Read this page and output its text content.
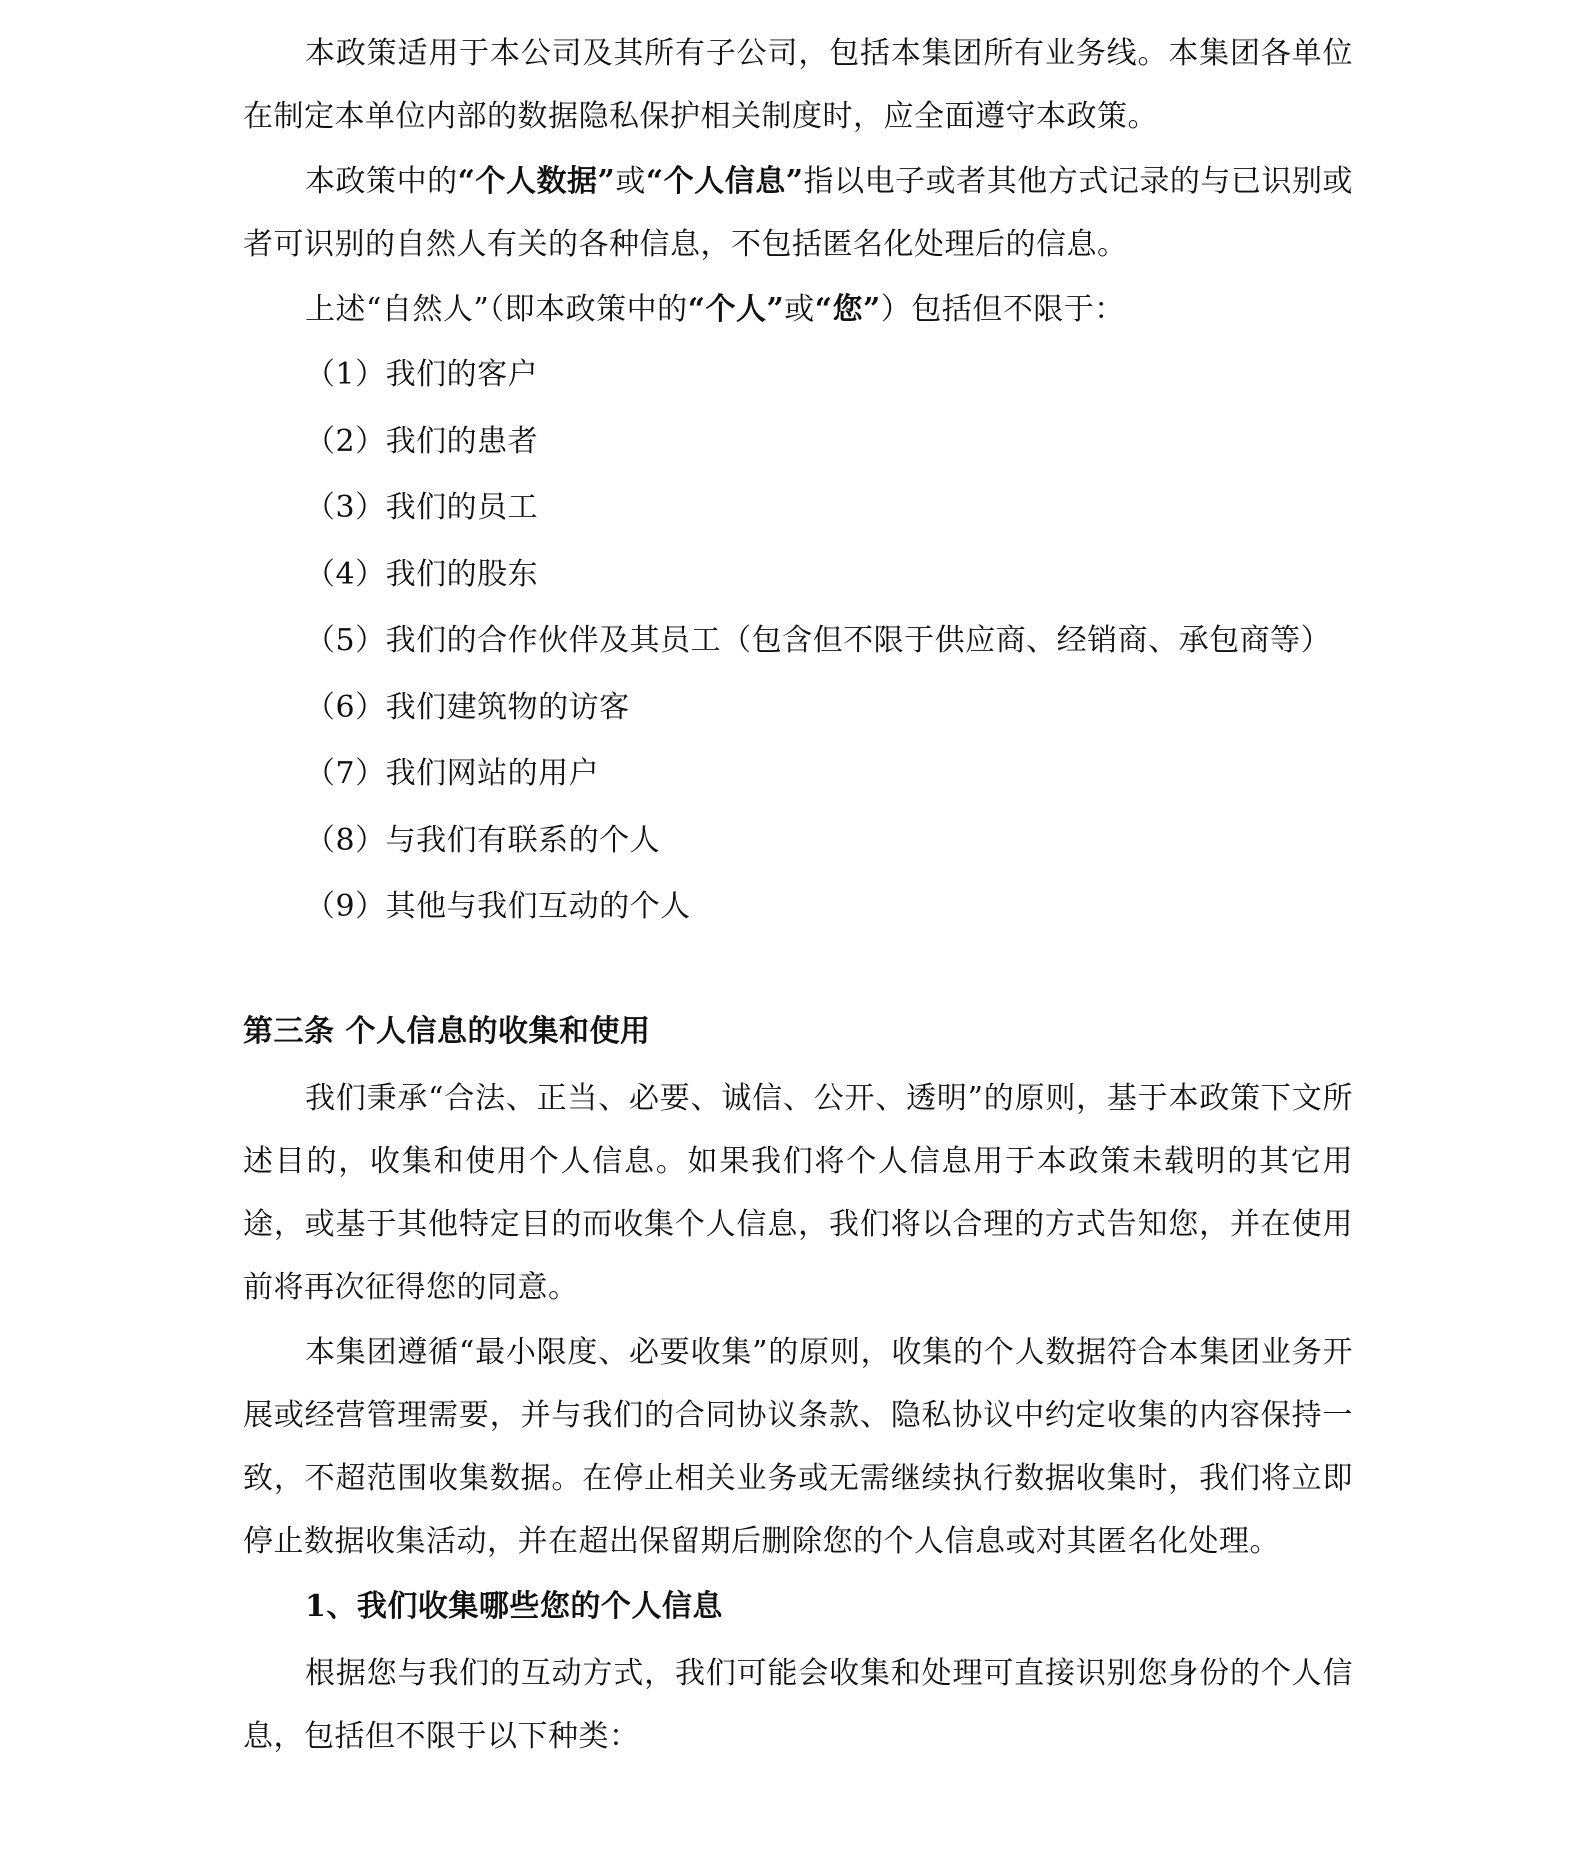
本政策适用于本公司及其所有子公司，包括本集团所有业务线。本集团各单位在制定本单位内部的数据隐私保护相关制度时，应全面遵守本政策。

本政策中的“个人数据”或“个人信息”指以电子或者其他方式记录的与已识别或者可识别的自然人有关的各种信息，不包括匿名化处理后的信息。

上述“自然人”（即本政策中的“个人”或“您”）包括但不限于：

（1）我们的客户
（2）我们的患者
（3）我们的员工
（4）我们的股东
（5）我们的合作伙伴及其员工（包含但不限于供应商、经销商、承包商等）
（6）我们建筑物的访客
（7）我们网站的用户
（8）与我们有联系的个人
（9）其他与我们互动的个人
第三条 个人信息的收集和使用

我们秉承“合法、正当、必要、诚信、公开、透明”的原则，基于本政策下文所述目的，收集和使用个人信息。如果我们将个人信息用于本政策未载明的其它用途，或基于其他特定目的而收集个人信息，我们将以合理的方式告知您，并在使用前将再次征得您的同意。

本集团遵循“最小限度、必要收集”的原则，收集的个人数据符合本集团业务开展或经营管理需要，并与我们的合同协议条款、隐私协议中约定收集的内容保持一致，不超范围收集数据。在停止相关业务或无需继续执行数据收集时，我们将立即停止数据收集活动，并在超出保留期后删除您的个人信息或对其匿名化处理。

1、我们收集哪些您的个人信息

根据您与我们的互动方式，我们可能会收集和处理可直接识别您身份的个人信息，包括但不限于以下种类：
